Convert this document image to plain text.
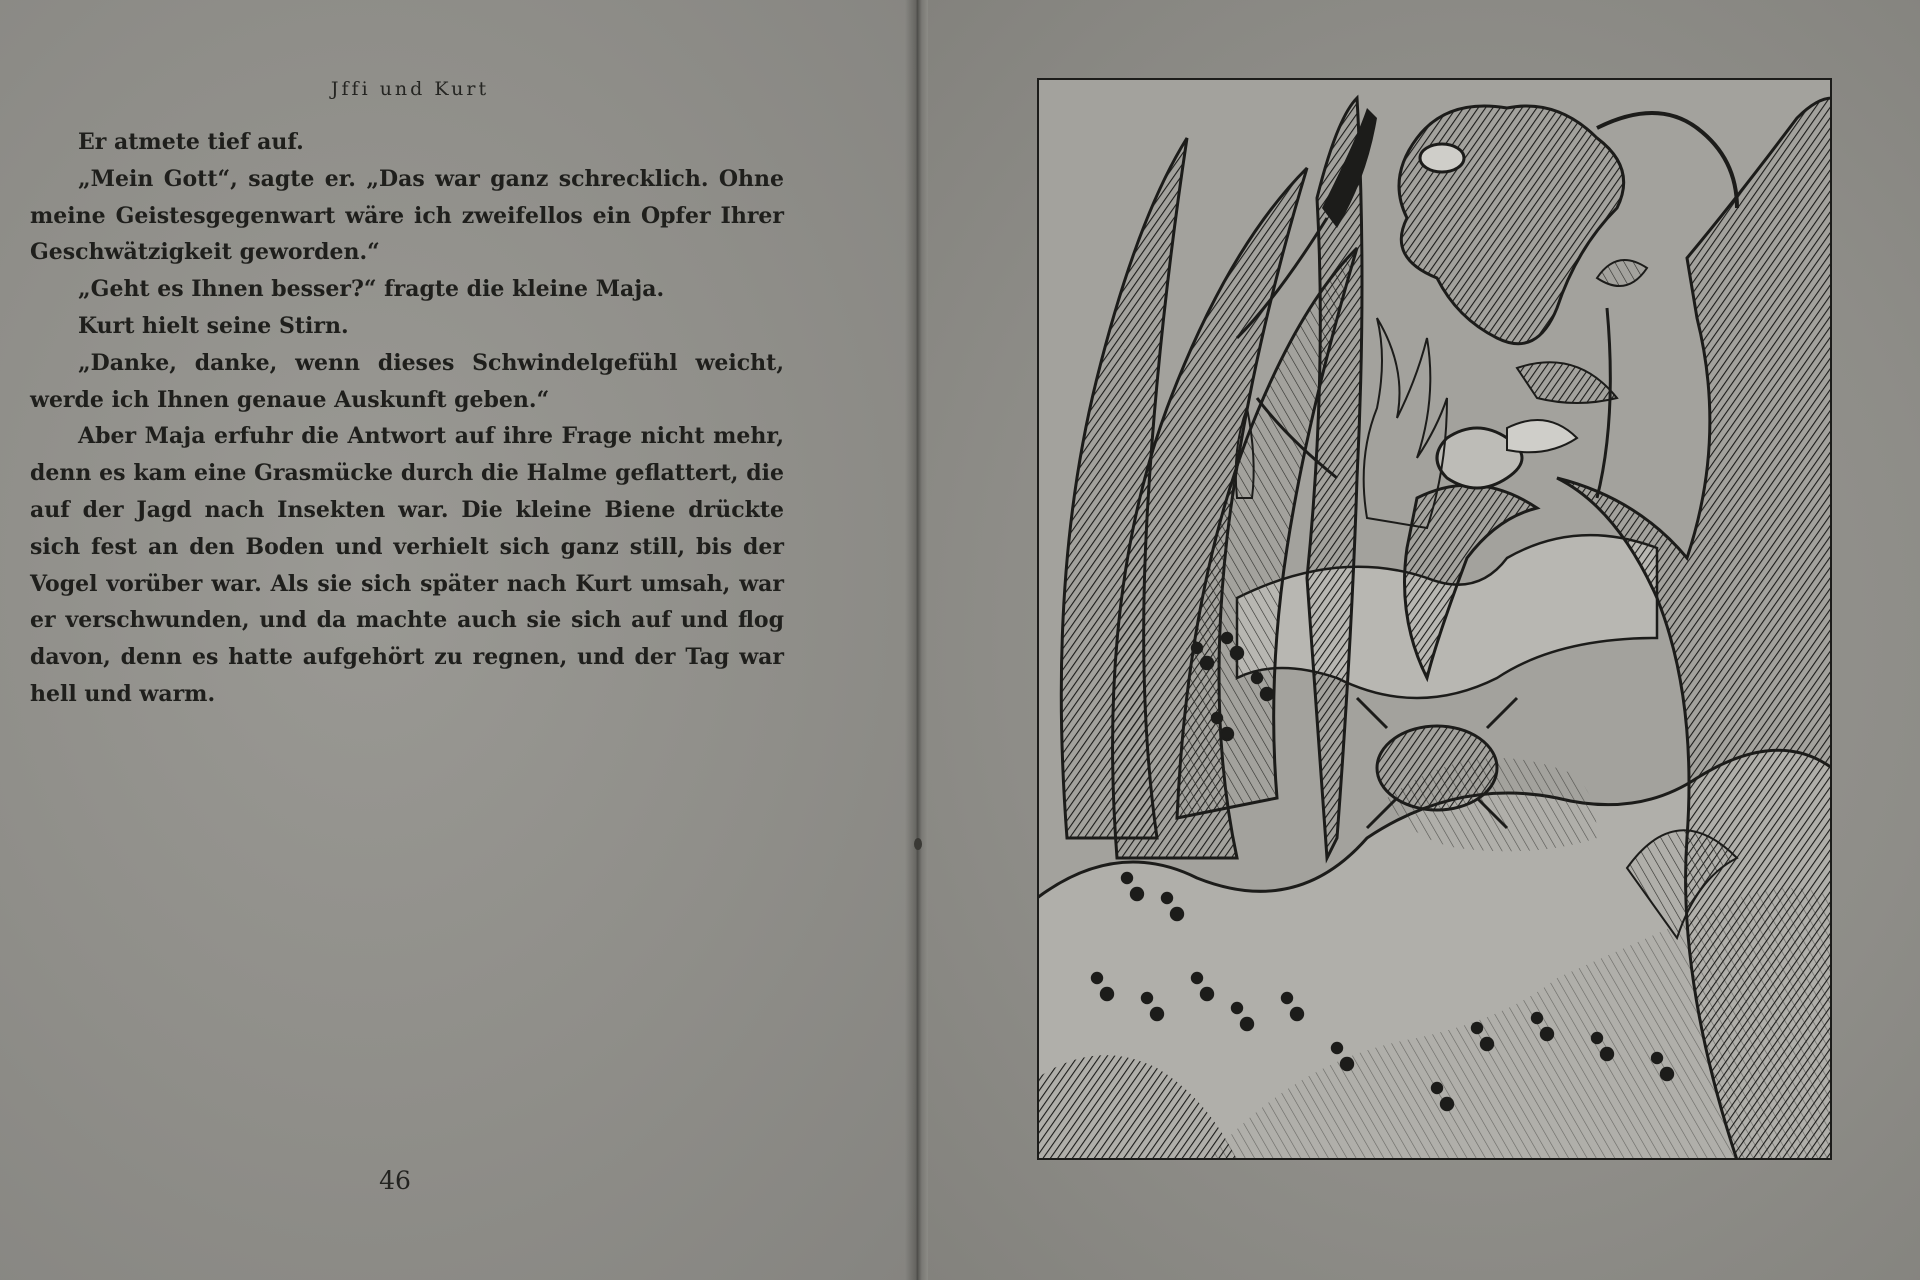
Jffi und Kurt

Er atmete tief auf.

„Mein Gott“, sagte er. „Das war ganz schrecklich. Ohne meine Geistesgegenwart wäre ich zweifellos ein Opfer Ihrer Geschwätzigkeit geworden.“

„Geht es Ihnen besser?“ fragte die kleine Maja.

Kurt hielt seine Stirn.

„Danke, danke, wenn dieses Schwindelgefühl weicht, werde ich Ihnen genaue Auskunft geben.“

Aber Maja erfuhr die Antwort auf ihre Frage nicht mehr, denn es kam eine Grasmücke durch die Halme geflattert, die auf der Jagd nach Insekten war. Die kleine Biene drückte sich fest an den Boden und verhielt sich ganz still, bis der Vogel vorüber war. Als sie sich später nach Kurt umsah, war er verschwunden, und da machte auch sie sich auf und flog davon, denn es hatte aufgehört zu regnen, und der Tag war hell und warm.

46
